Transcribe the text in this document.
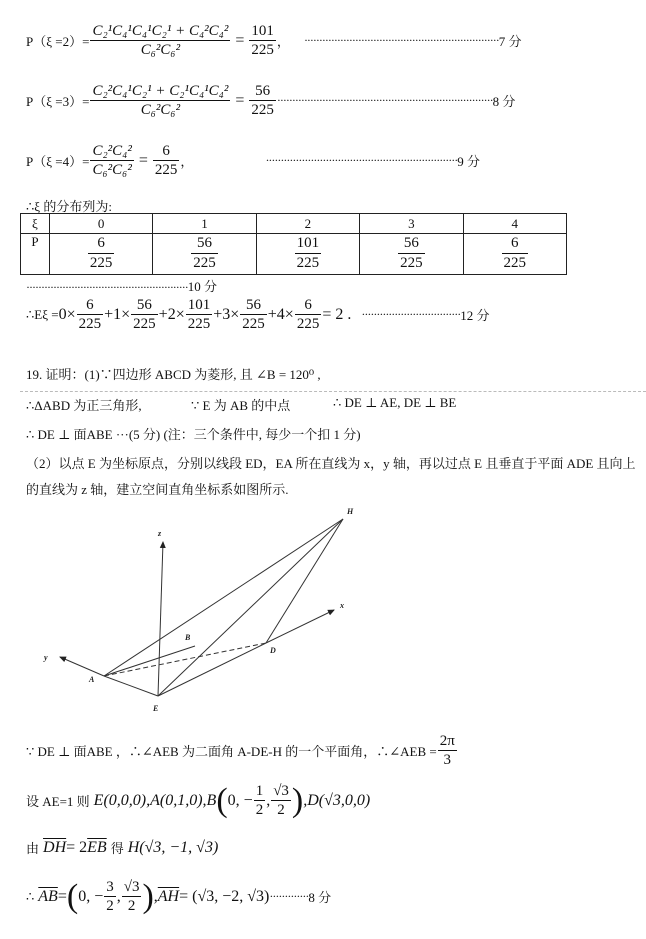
$P(\xi =2)= \frac{\text{C₂¹C₄¹C₄¹C₂¹ + C₄²C₄²}}{\text{C₆²C₆²}} = \frac{101}{225}$ ， ································································· 7 分
$P(\xi =3)= \frac{\text{C₂²C₄¹C₂¹ + C₂¹C₄¹C₄²}}{\text{C₆²C₆²}} = \frac{56}{225}$ ········································································ 8 分
$P(\xi =4)= \frac{\text{C₂²C₄²}}{\text{C₆²C₆²}} = \frac{6}{225}$ ，	································································ 9 分
∴ξ 的分布列为:
ξ	0	1	2	3	4
P	$\frac{6}{225}$	$\frac{56}{225}$	$\frac{101}{225}$	$\frac{56}{225}$	$\frac{6}{225}$
······················································10 分
∴Eξ = $0\times \frac{6}{225} +1\times \frac{56}{225} +2\times \frac{101}{225} +3\times \frac{56}{225} +4\times \frac{6}{225} = 2$ . ································· 12 分
19. 证明：(1)∵四边形 ABCD 为菱形, 且 ∠B = 120⁰ ,
∴ΔABD 为正三角形,	∵ E 为 AB 的中点	∴ DE ⊥ AE, DE ⊥ BE
∴ DE ⊥ 面ABE ···(5 分) (注：三个条件中, 每少一个扣 1 分)
（2）以点 E 为坐标原点，分别以线段 ED，EA 所在直线为 x，y 轴，再以过点 E 且垂直于平面 ADE 且向上
的直线为 z 轴，建立空间直角坐标系如图所示.
z
x
y
A
B
D
E
H
∵ DE ⊥ 面ABE ，∴∠AEB 为二面角 A-DE-H 的一个平面角，∴∠AEB = $\frac{2\pi}{3}$
设 AE=1 则
E(0,0,0), A(0,1,0), B ( 0, − $\frac{1}{2}$ , $\frac{√3}{2}$ ) ,D(√3,0,0)
由
$\overline{DH} = 2$ $\overline{EB}$
得
H(√3, −1, √3)
∴
$\overline{AB}$ = ( 0, − $\frac{3}{2}$ , $\frac{√3}{2}$ ) , $\overline{AH} = (√3$, −2, √3) ············· 8 分
